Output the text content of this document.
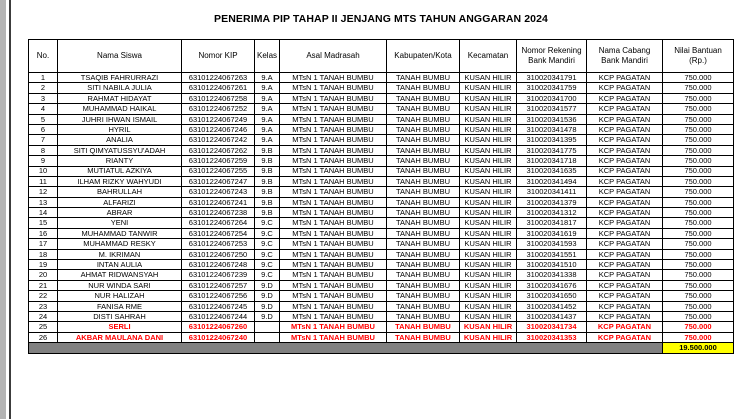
PENERIMA PIP TAHAP II JENJANG MTS TAHUN ANGGARAN 2024
No.	Nama Siswa	Nomor KIP	Kelas	Asal Madrasah	Kabupaten/Kota	Kecamatan	Nomor Rekening Bank Mandiri	Nama Cabang Bank Mandiri	Nilai Bantuan (Rp.)
1	TSAQIB FAHRURRAZI	63101224067263	9.A	MTsN 1 TANAH BUMBU	TANAH BUMBU	KUSAN HILIR	310020341791	KCP PAGATAN	750.000
2	SITI NABILA JULIA	63101224067261	9.A	MTsN 1 TANAH BUMBU	TANAH BUMBU	KUSAN HILIR	310020341759	KCP PAGATAN	750.000
3	RAHMAT HIDAYAT	63101224067258	9.A	MTsN 1 TANAH BUMBU	TANAH BUMBU	KUSAN HILIR	310020341700	KCP PAGATAN	750.000
4	MUHAMMAD HAIKAL	63101224067252	9.A	MTsN 1 TANAH BUMBU	TANAH BUMBU	KUSAN HILIR	310020341577	KCP PAGATAN	750.000
5	JUHRI IHWAN ISMAIL	63101224067249	9.A	MTsN 1 TANAH BUMBU	TANAH BUMBU	KUSAN HILIR	310020341536	KCP PAGATAN	750.000
6	HYRIL	63101224067246	9.A	MTsN 1 TANAH BUMBU	TANAH BUMBU	KUSAN HILIR	310020341478	KCP PAGATAN	750.000
7	ANALIA	63101224067242	9.A	MTsN 1 TANAH BUMBU	TANAH BUMBU	KUSAN HILIR	310020341395	KCP PAGATAN	750.000
8	SITI QIMYATUSSYU'ADAH	63101224067262	9.B	MTsN 1 TANAH BUMBU	TANAH BUMBU	KUSAN HILIR	310020341775	KCP PAGATAN	750.000
9	RIANTY	63101224067259	9.B	MTsN 1 TANAH BUMBU	TANAH BUMBU	KUSAN HILIR	310020341718	KCP PAGATAN	750.000
10	MUTIATUL AZKIYA	63101224067255	9.B	MTsN 1 TANAH BUMBU	TANAH BUMBU	KUSAN HILIR	310020341635	KCP PAGATAN	750.000
11	ILHAM RIZKY WAHYUDI	63101224067247	9.B	MTsN 1 TANAH BUMBU	TANAH BUMBU	KUSAN HILIR	310020341494	KCP PAGATAN	750.000
12	BAHRULLAH	63101224067243	9.B	MTsN 1 TANAH BUMBU	TANAH BUMBU	KUSAN HILIR	310020341411	KCP PAGATAN	750.000
13	ALFARIZI	63101224067241	9.B	MTsN 1 TANAH BUMBU	TANAH BUMBU	KUSAN HILIR	310020341379	KCP PAGATAN	750.000
14	ABRAR	63101224067238	9.B	MTsN 1 TANAH BUMBU	TANAH BUMBU	KUSAN HILIR	310020341312	KCP PAGATAN	750.000
15	YENI	63101224067264	9.C	MTsN 1 TANAH BUMBU	TANAH BUMBU	KUSAN HILIR	310020341817	KCP PAGATAN	750.000
16	MUHAMMAD TANWIR	63101224067254	9.C	MTsN 1 TANAH BUMBU	TANAH BUMBU	KUSAN HILIR	310020341619	KCP PAGATAN	750.000
17	MUHAMMAD RESKY	63101224067253	9.C	MTsN 1 TANAH BUMBU	TANAH BUMBU	KUSAN HILIR	310020341593	KCP PAGATAN	750.000
18	M. IKRIMAN	63101224067250	9.C	MTsN 1 TANAH BUMBU	TANAH BUMBU	KUSAN HILIR	310020341551	KCP PAGATAN	750.000
19	INTAN AULIA	63101224067248	9.C	MTsN 1 TANAH BUMBU	TANAH BUMBU	KUSAN HILIR	310020341510	KCP PAGATAN	750.000
20	AHMAT RIDWANSYAH	63101224067239	9.C	MTsN 1 TANAH BUMBU	TANAH BUMBU	KUSAN HILIR	310020341338	KCP PAGATAN	750.000
21	NUR WINDA SARI	63101224067257	9.D	MTsN 1 TANAH BUMBU	TANAH BUMBU	KUSAN HILIR	310020341676	KCP PAGATAN	750.000
22	NUR HALIZAH	63101224067256	9.D	MTsN 1 TANAH BUMBU	TANAH BUMBU	KUSAN HILIR	310020341650	KCP PAGATAN	750.000
23	FANISA RME	63101224067245	9.D	MTsN 1 TANAH BUMBU	TANAH BUMBU	KUSAN HILIR	310020341452	KCP PAGATAN	750.000
24	DISTI SAHRAH	63101224067244	9.D	MTsN 1 TANAH BUMBU	TANAH BUMBU	KUSAN HILIR	310020341437	KCP PAGATAN	750.000
25	SERLI	63101224067260		MTsN 1 TANAH BUMBU	TANAH BUMBU	KUSAN HILIR	310020341734	KCP PAGATAN	750.000
26	AKBAR MAULANA DANI	63101224067240		MTsN 1 TANAH BUMBU	TANAH BUMBU	KUSAN HILIR	310020341353	KCP PAGATAN	750.000
									19.500.000
